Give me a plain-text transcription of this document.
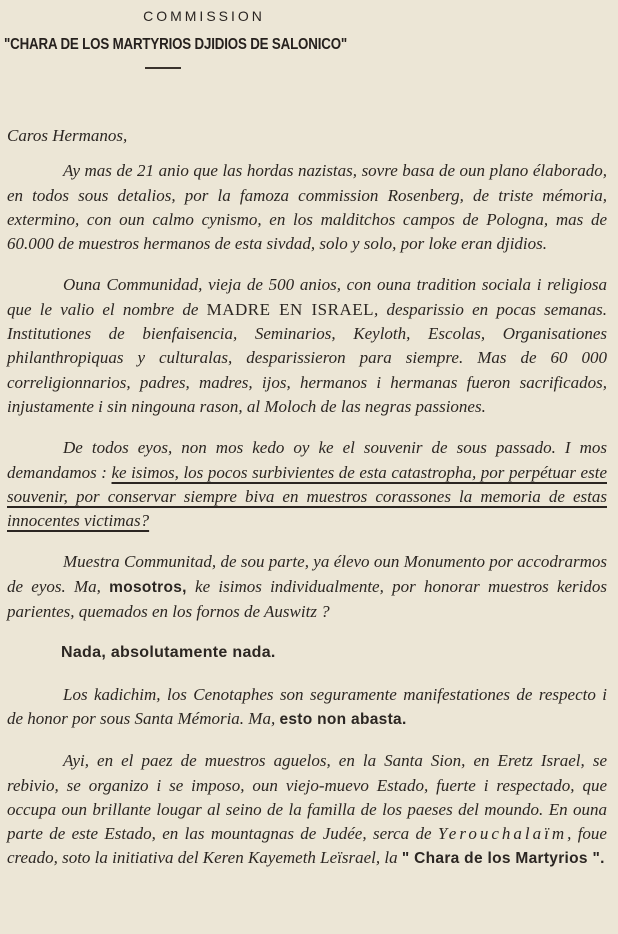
COMMISSION
"CHARA DE LOS MARTYRIOS DJIDIOS DE SALONICO"

Caros Hermanos,

Ay mas de 21 anio que las hordas nazistas, sovre basa de oun plano élaborado, en todos sous detalios, por la famoza commission Rosenberg, de triste mémoria, extermino, con oun calmo cynismo, en los malditchos campos de Pologna, mas de 60.000 de muestros hermanos de esta sivdad, solo y solo, por loke eran djidios.

Ouna Communidad, vieja de 500 anios, con ouna tradition sociala i religiosa que le valio el nombre de MADRE EN ISRAEL, desparissio en pocas semanas. Institutiones de bienfaisencia, Seminarios, Keyloth, Escolas, Organisationes philanthropiquas y culturalas, desparissieron para siempre. Mas de 60 000 correligionnarios, padres, madres, ijos, hermanos i hermanas fueron sacrificados, injustamente i sin ningouna rason, al Moloch de las negras passiones.

De todos eyos, non mos kedo oy ke el souvenir de sous passado. I mos demandamos : ke isimos, los pocos surbivientes de esta catastropha, por perpétuar este souvenir, por conservar siempre biva en muestros corassones la memoria de estas innocentes victimas?

Muestra Communitad, de sou parte, ya élevo oun Monumento por accodrarmos de eyos. Ma, mosotros, ke isimos individualmente, por honorar muestros keridos parientes, quemados en los fornos de Auswitz ?

Nada, absolutamente nada.

Los kadichim, los Cenotaphes son seguramente manifestationes de respecto i de honor por sous Santa Mémoria. Ma, esto non abasta.

Ayi, en el paez de muestros aguelos, en la Santa Sion, en Eretz Israel, se rebivio, se organizo i se imposo, oun viejo-muevo Estado, fuerte i respectado, que occupa oun brillante lougar al seino de la familla de los paeses del moundo. En ouna parte de este Estado, en las mountagnas de Judée, serca de Yerouchalaïm, foue creado, soto la initiativa del Keren Kayemeth Leïsrael, la " Chara de los Martyrios ".
